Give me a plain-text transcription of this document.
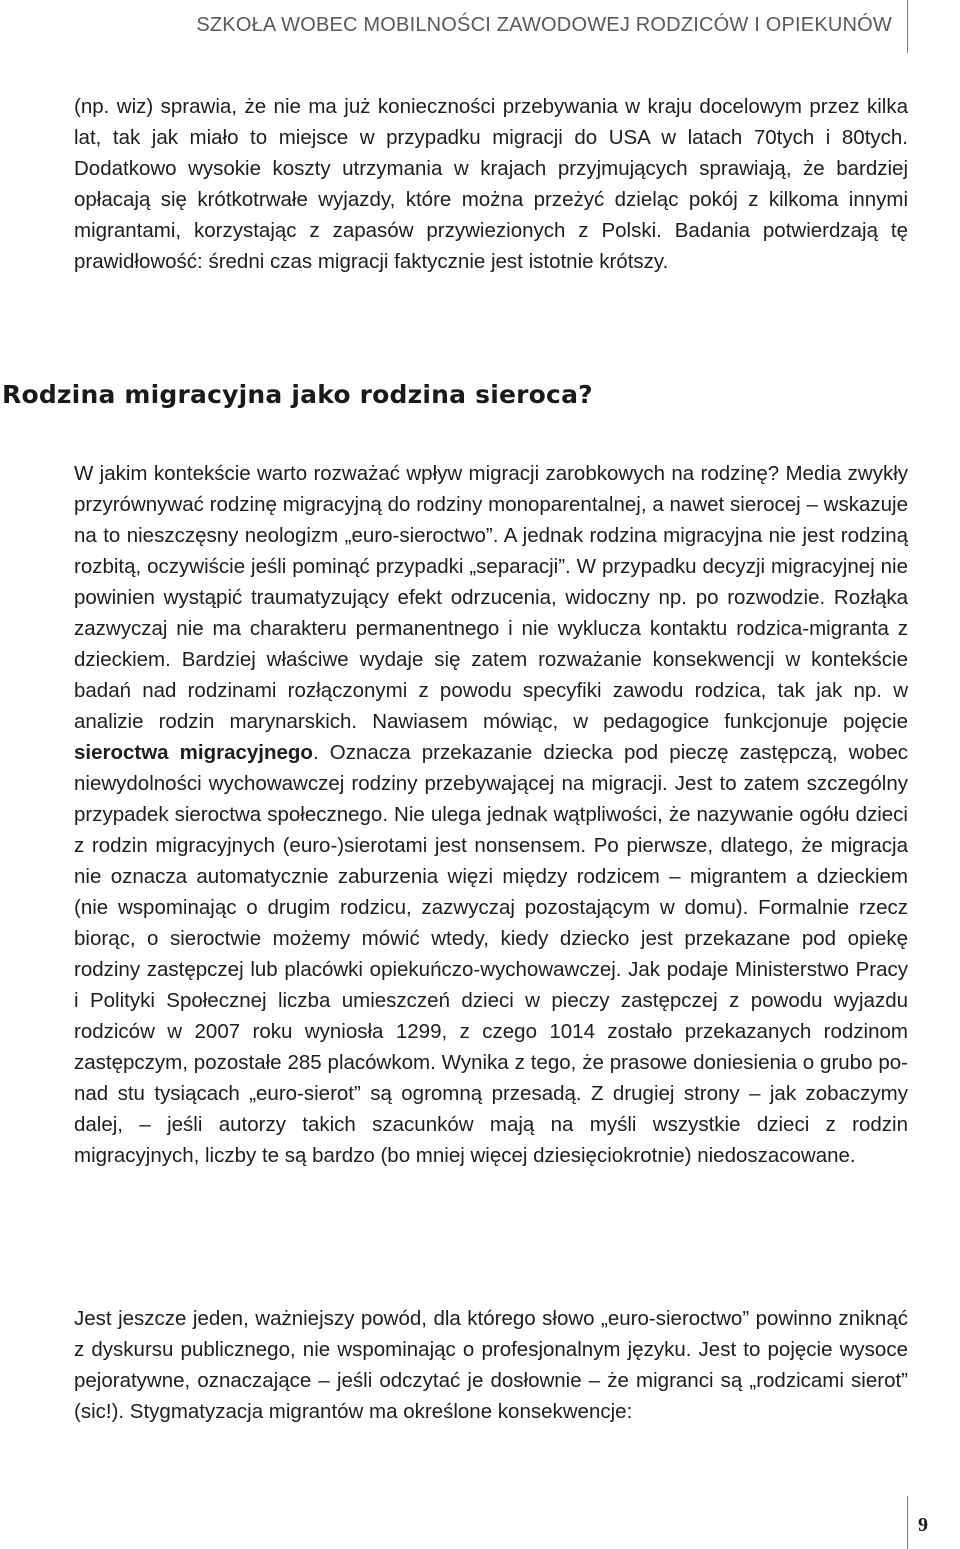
SZKOŁA WOBEC MOBILNOŚCI ZAWODOWEJ RODZICÓW I OPIEKUNÓW

(np. wiz) sprawia, że nie ma już konieczności przebywania w kraju docelowym przez kilka lat, tak jak miało to miejsce w przypadku migracji do USA w latach 70tych i 80tych. Dodatkowo wysokie koszty utrzymania w krajach przyjmujących sprawiają, że bardziej opłacają się krótkotrwałe wyjazdy, które można przeżyć dzieląc pokój z kilkoma innymi migrantami, korzystając z zapasów przywiezionych z Polski. Badania potwierdzają tę prawidłowość: średni czas migracji faktycznie jest istotnie krótszy.

Rodzina migracyjna jako rodzina sieroca?

W jakim kontekście warto rozważać wpływ migracji zarobkowych na rodzinę? Media zwykły przyrównywać rodzinę migracyjną do rodziny monoparentalnej, a nawet sierocej – wskazuje na to nieszczęsny neologizm „euro-sieroctwo”. A jednak rodzina migracyjna nie jest rodziną rozbitą, oczywiście jeśli pominąć przypadki „separacji”. W przypadku decyzji migracyjnej nie powinien wystąpić traumatyzujący efekt odrzucenia, widoczny np. po rozwodzie. Rozłąka zazwyczaj nie ma charakteru permanentnego i nie wyklucza kontaktu rodzica-migranta z dzieckiem. Bardziej właściwe wydaje się zatem rozważanie konsekwencji w kontekście badań nad rodzinami rozłączonymi z powodu specyfiki zawodu rodzica, tak jak np. w analizie rodzin marynarskich. Nawiasem mówiąc, w pedagogice funkcjonuje pojęcie sieroctwa migracyjnego. Oznacza przekazanie dziecka pod pieczę zastępczą, wobec niewydolności wychowawczej rodziny przebywającej na migracji. Jest to zatem szczególny przypadek sieroctwa społecznego. Nie ulega jednak wątpliwości, że nazywanie ogółu dzieci z rodzin migracyjnych (euro-)sierotami jest nonsensem. Po pierwsze, dlatego, że migracja nie oznacza automatycznie zaburzenia więzi między rodzicem – migrantem a dzieckiem (nie wspominając o drugim rodzicu, zazwyczaj pozostającym w domu). Formalnie rzecz biorąc, o sieroctwie możemy mówić wtedy, kiedy dziecko jest przekazane pod opiekę rodziny zastępczej lub placówki opiekuńczo-wychowawczej. Jak podaje Ministerstwo Pracy i Polityki Społecznej liczba umieszczeń dzieci w pieczy zastępczej z powodu wyjazdu rodziców w 2007 roku wyniosła 1299, z czego 1014 zostało przekazanych rodzinom zastępczym, pozostałe 285 placówkom. Wynika z tego, że prasowe doniesienia o grubo ponad stu tysiącach „euro-sierot” są ogromną przesadą. Z drugiej strony – jak zobaczymy dalej, – jeśli autorzy takich szacunków mają na myśli wszystkie dzieci z rodzin migracyjnych, liczby te są bardzo (bo mniej więcej dziesięciokrotnie) niedoszacowane.

Jest jeszcze jeden, ważniejszy powód, dla którego słowo „euro-sieroctwo” powinno zniknąć z dyskursu publicznego, nie wspominając o profesjonalnym języku. Jest to pojęcie wysoce pejoratywne, oznaczające – jeśli odczytać je dosłownie – że migranci są „rodzicami sierot” (sic!). Stygmatyzacja migrantów ma określone konsekwencje:

9
